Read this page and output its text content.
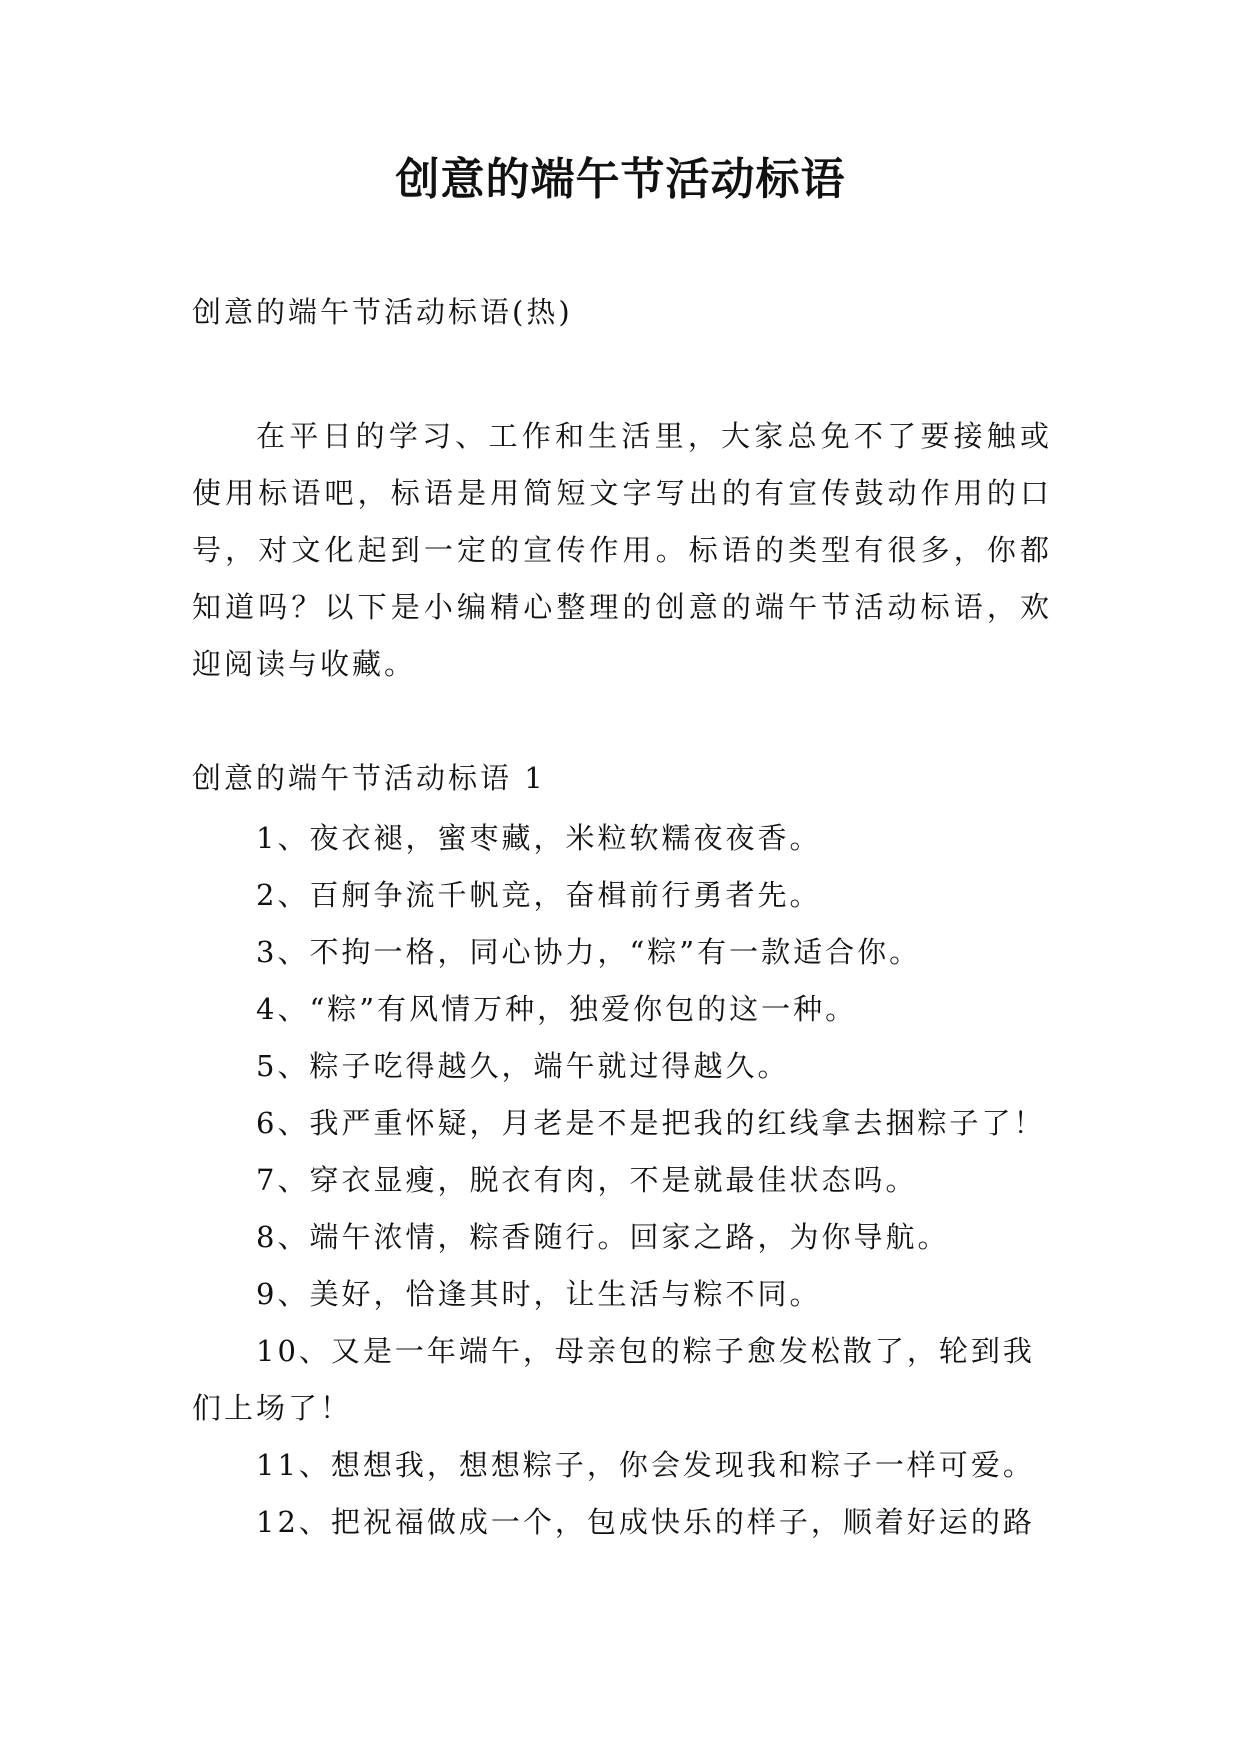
创意的端午节活动标语

创意的端午节活动标语(热)

在平日的学习、工作和生活里，大家总免不了要接触或使用标语吧，标语是用简短文字写出的有宣传鼓动作用的口号，对文化起到一定的宣传作用。标语的类型有很多，你都知道吗？以下是小编精心整理的创意的端午节活动标语，欢迎阅读与收藏。

创意的端午节活动标语 1

1、夜衣褪，蜜枣藏，米粒软糯夜夜香。
2、百舸争流千帆竞，奋楫前行勇者先。
3、不拘一格，同心协力，“粽”有一款适合你。
4、“粽”有风情万种，独爱你包的这一种。
5、粽子吃得越久，端午就过得越久。
6、我严重怀疑，月老是不是把我的红线拿去捆粽子了！
7、穿衣显瘦，脱衣有肉，不是就最佳状态吗。
8、端午浓情，粽香随行。回家之路，为你导航。
9、美好，恰逢其时，让生活与粽不同。
10、又是一年端午，母亲包的粽子愈发松散了，轮到我们上场了！
11、想想我，想想粽子，你会发现我和粽子一样可爱。
12、把祝福做成一个，包成快乐的样子，顺着好运的路
